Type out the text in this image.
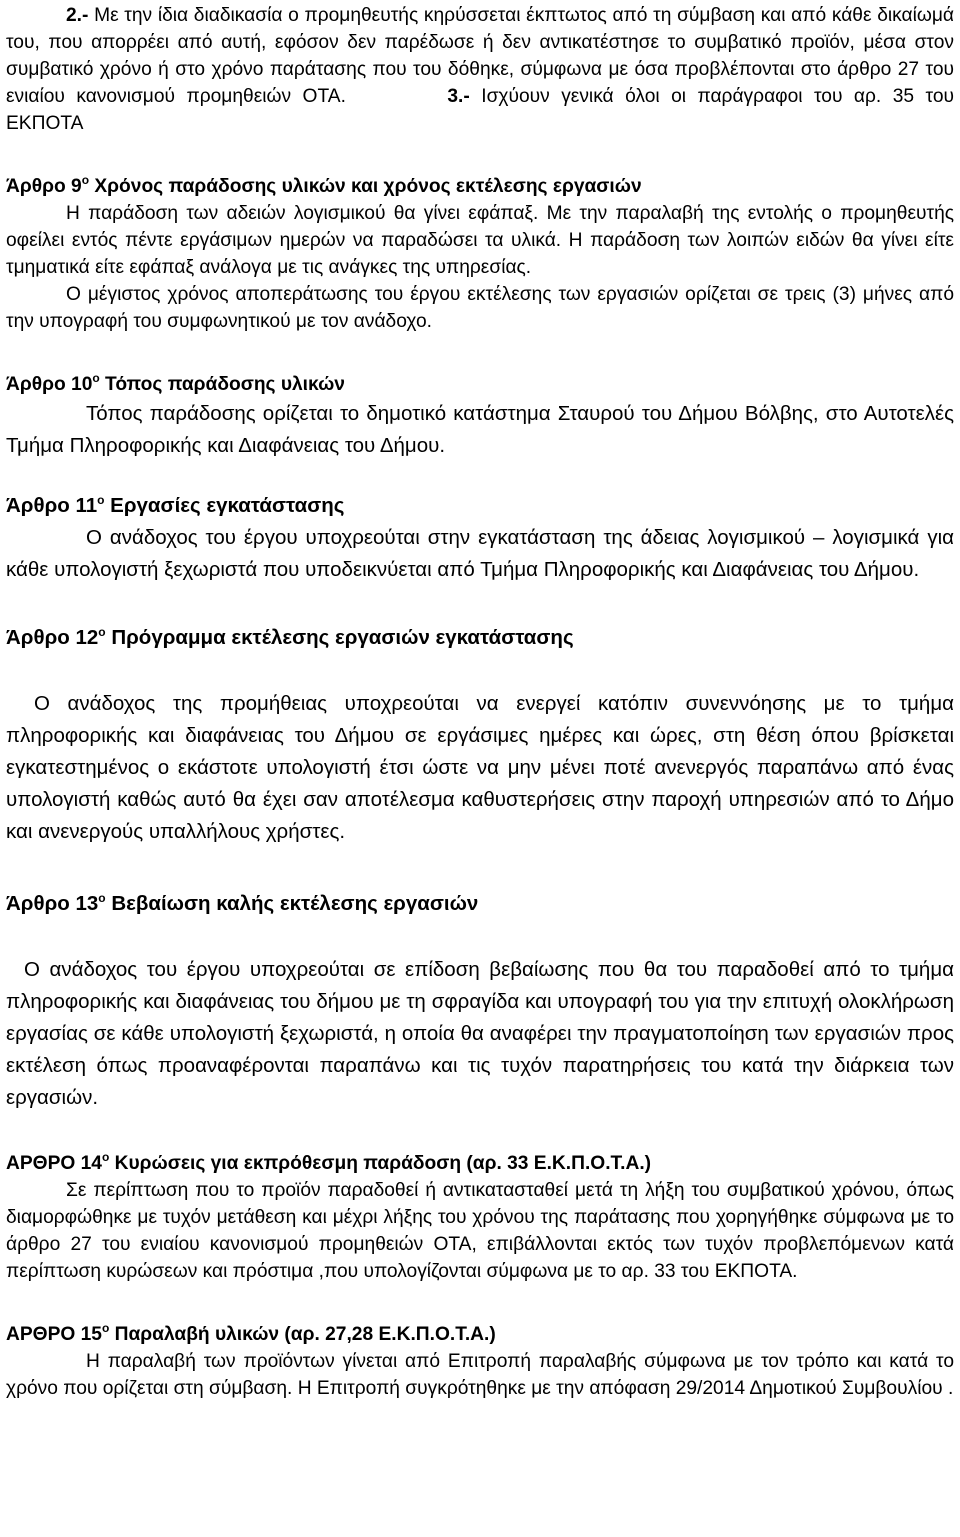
2.- Με την ίδια διαδικασία ο προμηθευτής κηρύσσεται έκπτωτος από τη σύμβαση και από κάθε δικαίωμά του, που απορρέει από αυτή, εφόσον δεν παρέδωσε ή δεν αντικατέστησε το συμβατικό προϊόν, μέσα στον συμβατικό χρόνο ή στο χρόνο παράτασης που του δόθηκε, σύμφωνα με όσα προβλέπονται στο άρθρο 27 του ενιαίου κανονισμού προμηθειών ΟΤΑ.	3.- Ισχύουν γενικά όλοι οι παράγραφοι του αρ. 35 του ΕΚΠΟΤΑ

Άρθρο $9^o$ Χρόνος παράδοσης υλικών και χρόνος εκτέλεσης εργασιών

Η παράδοση των αδειών λογισμικού θα γίνει εφάπαξ. Με την παραλαβή της εντολής ο προμηθευτής οφείλει εντός πέντε εργάσιμων ημερών να παραδώσει τα υλικά. Η παράδοση των λοιπών ειδών θα γίνει είτε τμηματικά είτε εφάπαξ ανάλογα με τις ανάγκες της υπηρεσίας.

Ο μέγιστος χρόνος αποπεράτωσης του έργου εκτέλεσης των εργασιών ορίζεται σε τρεις (3) μήνες από την υπογραφή του συμφωνητικού με τον ανάδοχο.

Άρθρο $10^o$ Τόπος παράδοσης υλικών

Τόπος παράδοσης ορίζεται το δημοτικό κατάστημα Σταυρού του Δήμου Βόλβης, στο Αυτοτελές Τμήμα Πληροφορικής και Διαφάνειας του Δήμου.

Άρθρο $11^o$ Εργασίες εγκατάστασης

Ο ανάδοχος του έργου υποχρεούται στην εγκατάσταση της άδειας λογισμικού – λογισμικά για κάθε υπολογιστή ξεχωριστά που υποδεικνύεται από Τμήμα Πληροφορικής και Διαφάνειας του Δήμου.

Άρθρο $12^o$ Πρόγραμμα εκτέλεσης εργασιών εγκατάστασης

Ο ανάδοχος της προμήθειας υποχρεούται να ενεργεί κατόπιν συνεννόησης με το τμήμα πληροφορικής και διαφάνειας του Δήμου σε εργάσιμες ημέρες και ώρες, στη θέση όπου βρίσκεται εγκατεστημένος ο εκάστοτε υπολογιστή έτσι ώστε να μην μένει ποτέ ανενεργός παραπάνω από ένας υπολογιστή καθώς αυτό θα έχει σαν αποτέλεσμα καθυστερήσεις στην παροχή υπηρεσιών από το Δήμο και ανενεργούς υπαλλήλους χρήστες.

Άρθρο $13^o$ Βεβαίωση καλής εκτέλεσης εργασιών

Ο ανάδοχος του έργου υποχρεούται σε επίδοση βεβαίωσης που θα του παραδοθεί από το τμήμα πληροφορικής και διαφάνειας του δήμου με τη σφραγίδα και υπογραφή του για την επιτυχή ολοκλήρωση εργασίας σε κάθε υπολογιστή ξεχωριστά, η οποία θα αναφέρει την πραγματοποίηση των εργασιών προς εκτέλεση όπως προαναφέρονται παραπάνω και τις τυχόν παρατηρήσεις του κατά την διάρκεια των εργασιών.

ΑΡΘΡΟ $14^o$ Κυρώσεις για εκπρόθεσμη παράδοση (αρ. 33 Ε.Κ.Π.Ο.Τ.Α.)

Σε περίπτωση που το προϊόν παραδοθεί ή αντικατασταθεί μετά τη λήξη του συμβατικού χρόνου, όπως διαμορφώθηκε με τυχόν μετάθεση και μέχρι λήξης του χρόνου της παράτασης που χορηγήθηκε σύμφωνα με το άρθρο 27 του ενιαίου κανονισμού προμηθειών ΟΤΑ, επιβάλλονται εκτός των τυχόν προβλεπόμενων κατά περίπτωση κυρώσεων και πρόστιμα ,που υπολογίζονται σύμφωνα με το αρ. 33 του ΕΚΠΟΤΑ.

ΑΡΘΡΟ $15^o$ Παραλαβή υλικών (αρ. 27,28 Ε.Κ.Π.Ο.Τ.Α.)

Η παραλαβή των προϊόντων γίνεται από Επιτροπή παραλαβής σύμφωνα με τον τρόπο και κατά το χρόνο που ορίζεται στη σύμβαση. Η Επιτροπή συγκρότηθηκε με την απόφαση 29/2014 Δημοτικού Συμβουλίου .
